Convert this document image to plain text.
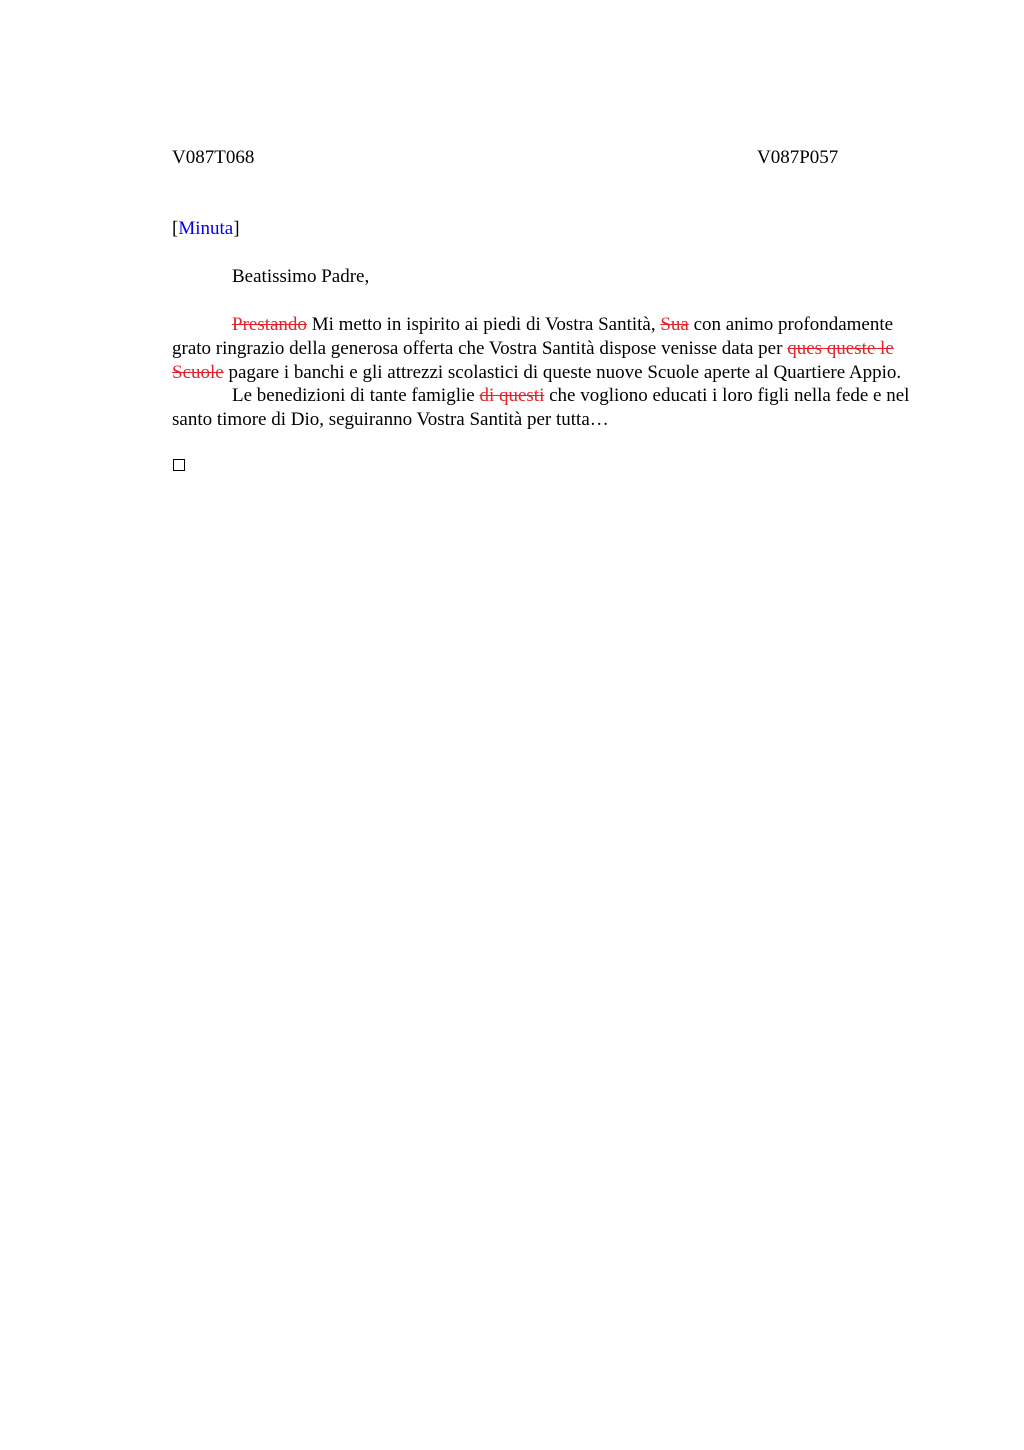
V087T068	V087P057
[Minuta]
Beatissimo Padre,

Prestando Mi metto in ispirito ai piedi di Vostra Santità, Sua con animo profondamente grato ringrazio della generosa offerta che Vostra Santità dispose venisse data per ques queste le Scuole pagare i banchi e gli attrezzi scolastici di queste nuove Scuole aperte al Quartiere Appio.

Le benedizioni di tante famiglie di questi che vogliono educati i loro figli nella fede e nel santo timore di Dio, seguiranno Vostra Santità per tutta…
